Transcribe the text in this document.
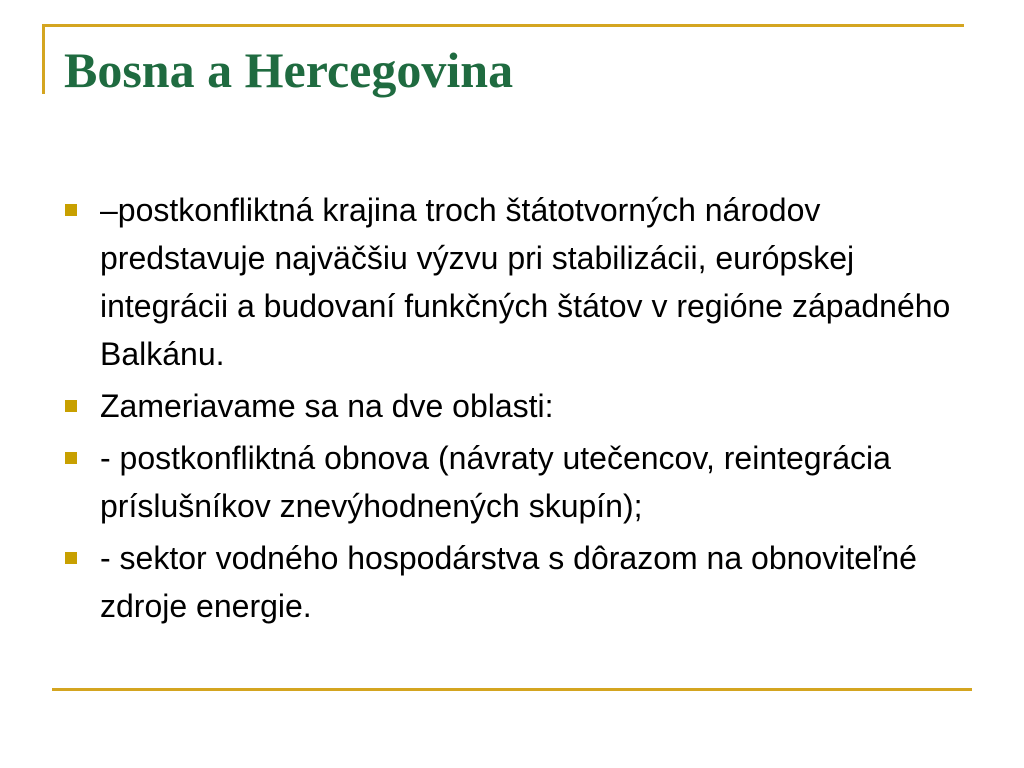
Bosna a Hercegovina
–postkonfliktná krajina troch štátotvorných národov predstavuje najväčšiu výzvu pri stabilizácii, európskej integrácii a budovaní funkčných štátov v regióne západného Balkánu.
Zameriavame sa na dve oblasti:
- postkonfliktná obnova (návraty utečencov, reintegrácia príslušníkov znevýhodnených skupín);
- sektor vodného hospodárstva s dôrazom na obnoviteľné zdroje energie.
